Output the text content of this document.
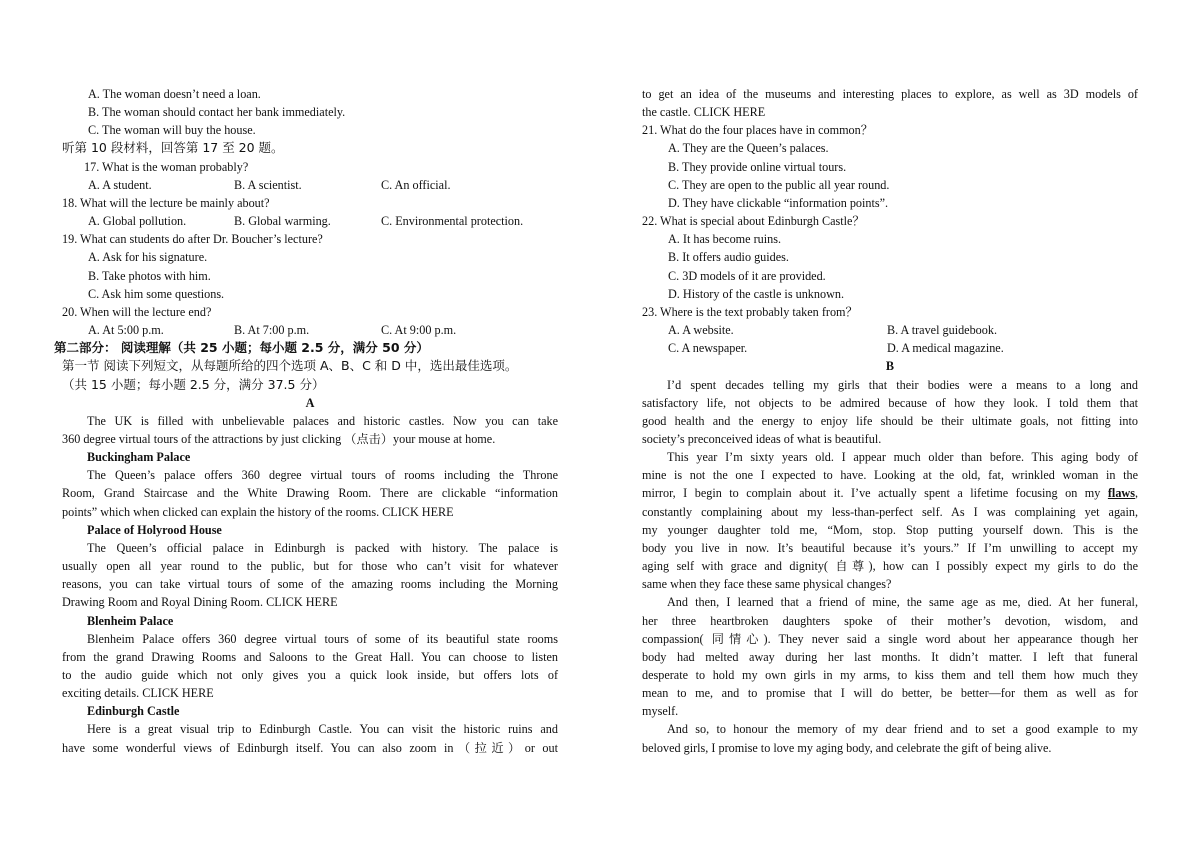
A. The woman doesn’t need a loan.
B. The woman should contact her bank immediately.
C. The woman will buy the house.
听第 10 段材料，回答第 17 至 20 题。
17. What is the woman probably?
A. A student.	B. A scientist.	C. An official.
18. What will the lecture be mainly about?
A. Global pollution.	B. Global warming.	C. Environmental protection.
19. What can students do after Dr. Boucher’s lecture?
A. Ask for his signature.
B. Take photos with him.
C. Ask him some questions.
20. When will the lecture end?
A. At 5:00 p.m.	B. At 7:00 p.m.	C. At 9:00 p.m.
第二部分： 阅读理解（共 25 小题；每小题 2.5 分，满分 50 分）
第一节 阅读下列短文，从每题所给的四个选项 A、B、C 和 D 中，选出最佳选项。
（共 15 小题；每小题 2.5 分，满分 37.5 分）
A
The UK is filled with unbelievable palaces and historic castles. Now you can take
360 degree virtual tours of the attractions by just clicking （点击）your mouse at home.
Buckingham Palace
The Queen’s palace offers 360 degree virtual tours of rooms including the Throne
Room, Grand Staircase and the White Drawing Room. There are clickable “information
points” which when clicked can explain the history of the rooms. CLICK HERE
Palace of Holyrood House
The Queen’s official palace in Edinburgh is packed with history. The palace is
usually open all year round to the public, but for those who can’t visit for whatever
reasons, you can take virtual tours of some of the amazing rooms including the Morning
Drawing Room and Royal Dining Room. CLICK HERE
Blenheim Palace
Blenheim Palace offers 360 degree virtual tours of some of its beautiful state rooms
from the grand Drawing Rooms and Saloons to the Great Hall. You can choose to listen
to the audio guide which not only gives you a quick look inside, but offers lots of
exciting details. CLICK HERE
Edinburgh Castle
Here is a great visual trip to Edinburgh Castle. You can visit the historic ruins and
have some wonderful views of Edinburgh itself. You can also zoom in（拉近）or out
to get an idea of the museums and interesting places to explore, as well as 3D models of
the castle. CLICK HERE
21. What do the four places have in common？
A. They are the Queen’s palaces.
B. They provide online virtual tours.
C. They are open to the public all year round.
D. They have clickable “information points”.
22. What is special about Edinburgh Castle？
A. It has become ruins.
B. It offers audio guides.
C. 3D models of it are provided.
D. History of the castle is unknown.
23. Where is the text probably taken from？
A. A website.	B. A travel guidebook.
C. A newspaper.	D. A medical magazine.
B
I’d spent decades telling my girls that their bodies were a means to a long and
satisfactory life, not objects to be admired because of how they look. I told them that
good health and the energy to enjoy life should be their ultimate goals, not fitting into
society’s preconceived ideas of what is beautiful.
This year I’m sixty years old. I appear much older than before. This aging body of
mine is not the one I expected to have. Looking at the old, fat, wrinkled woman in the
mirror, I begin to complain about it. I’ve actually spent a lifetime focusing on my flaws,
constantly complaining about my less-than-perfect self. As I was complaining yet again,
my younger daughter told me, “Mom, stop. Stop putting yourself down. This is the
body you live in now. It’s beautiful because it’s yours.” If I’m unwilling to accept my
aging self with grace and dignity( 自尊), how can I possibly expect my girls to do the
same when they face these same physical changes?
And then, I learned that a friend of mine, the same age as me, died. At her funeral,
her three heartbroken daughters spoke of their mother’s devotion, wisdom, and
compassion( 同情心). They never said a single word about her appearance though her
body had melted away during her last months. It didn’t matter. I left that funeral
desperate to hold my own girls in my arms, to kiss them and tell them how much they
mean to me, and to promise that I will do better, be better—for them as well as for
myself.
And so, to honour the memory of my dear friend and to set a good example to my
beloved girls, I promise to love my aging body, and celebrate the gift of being alive.
